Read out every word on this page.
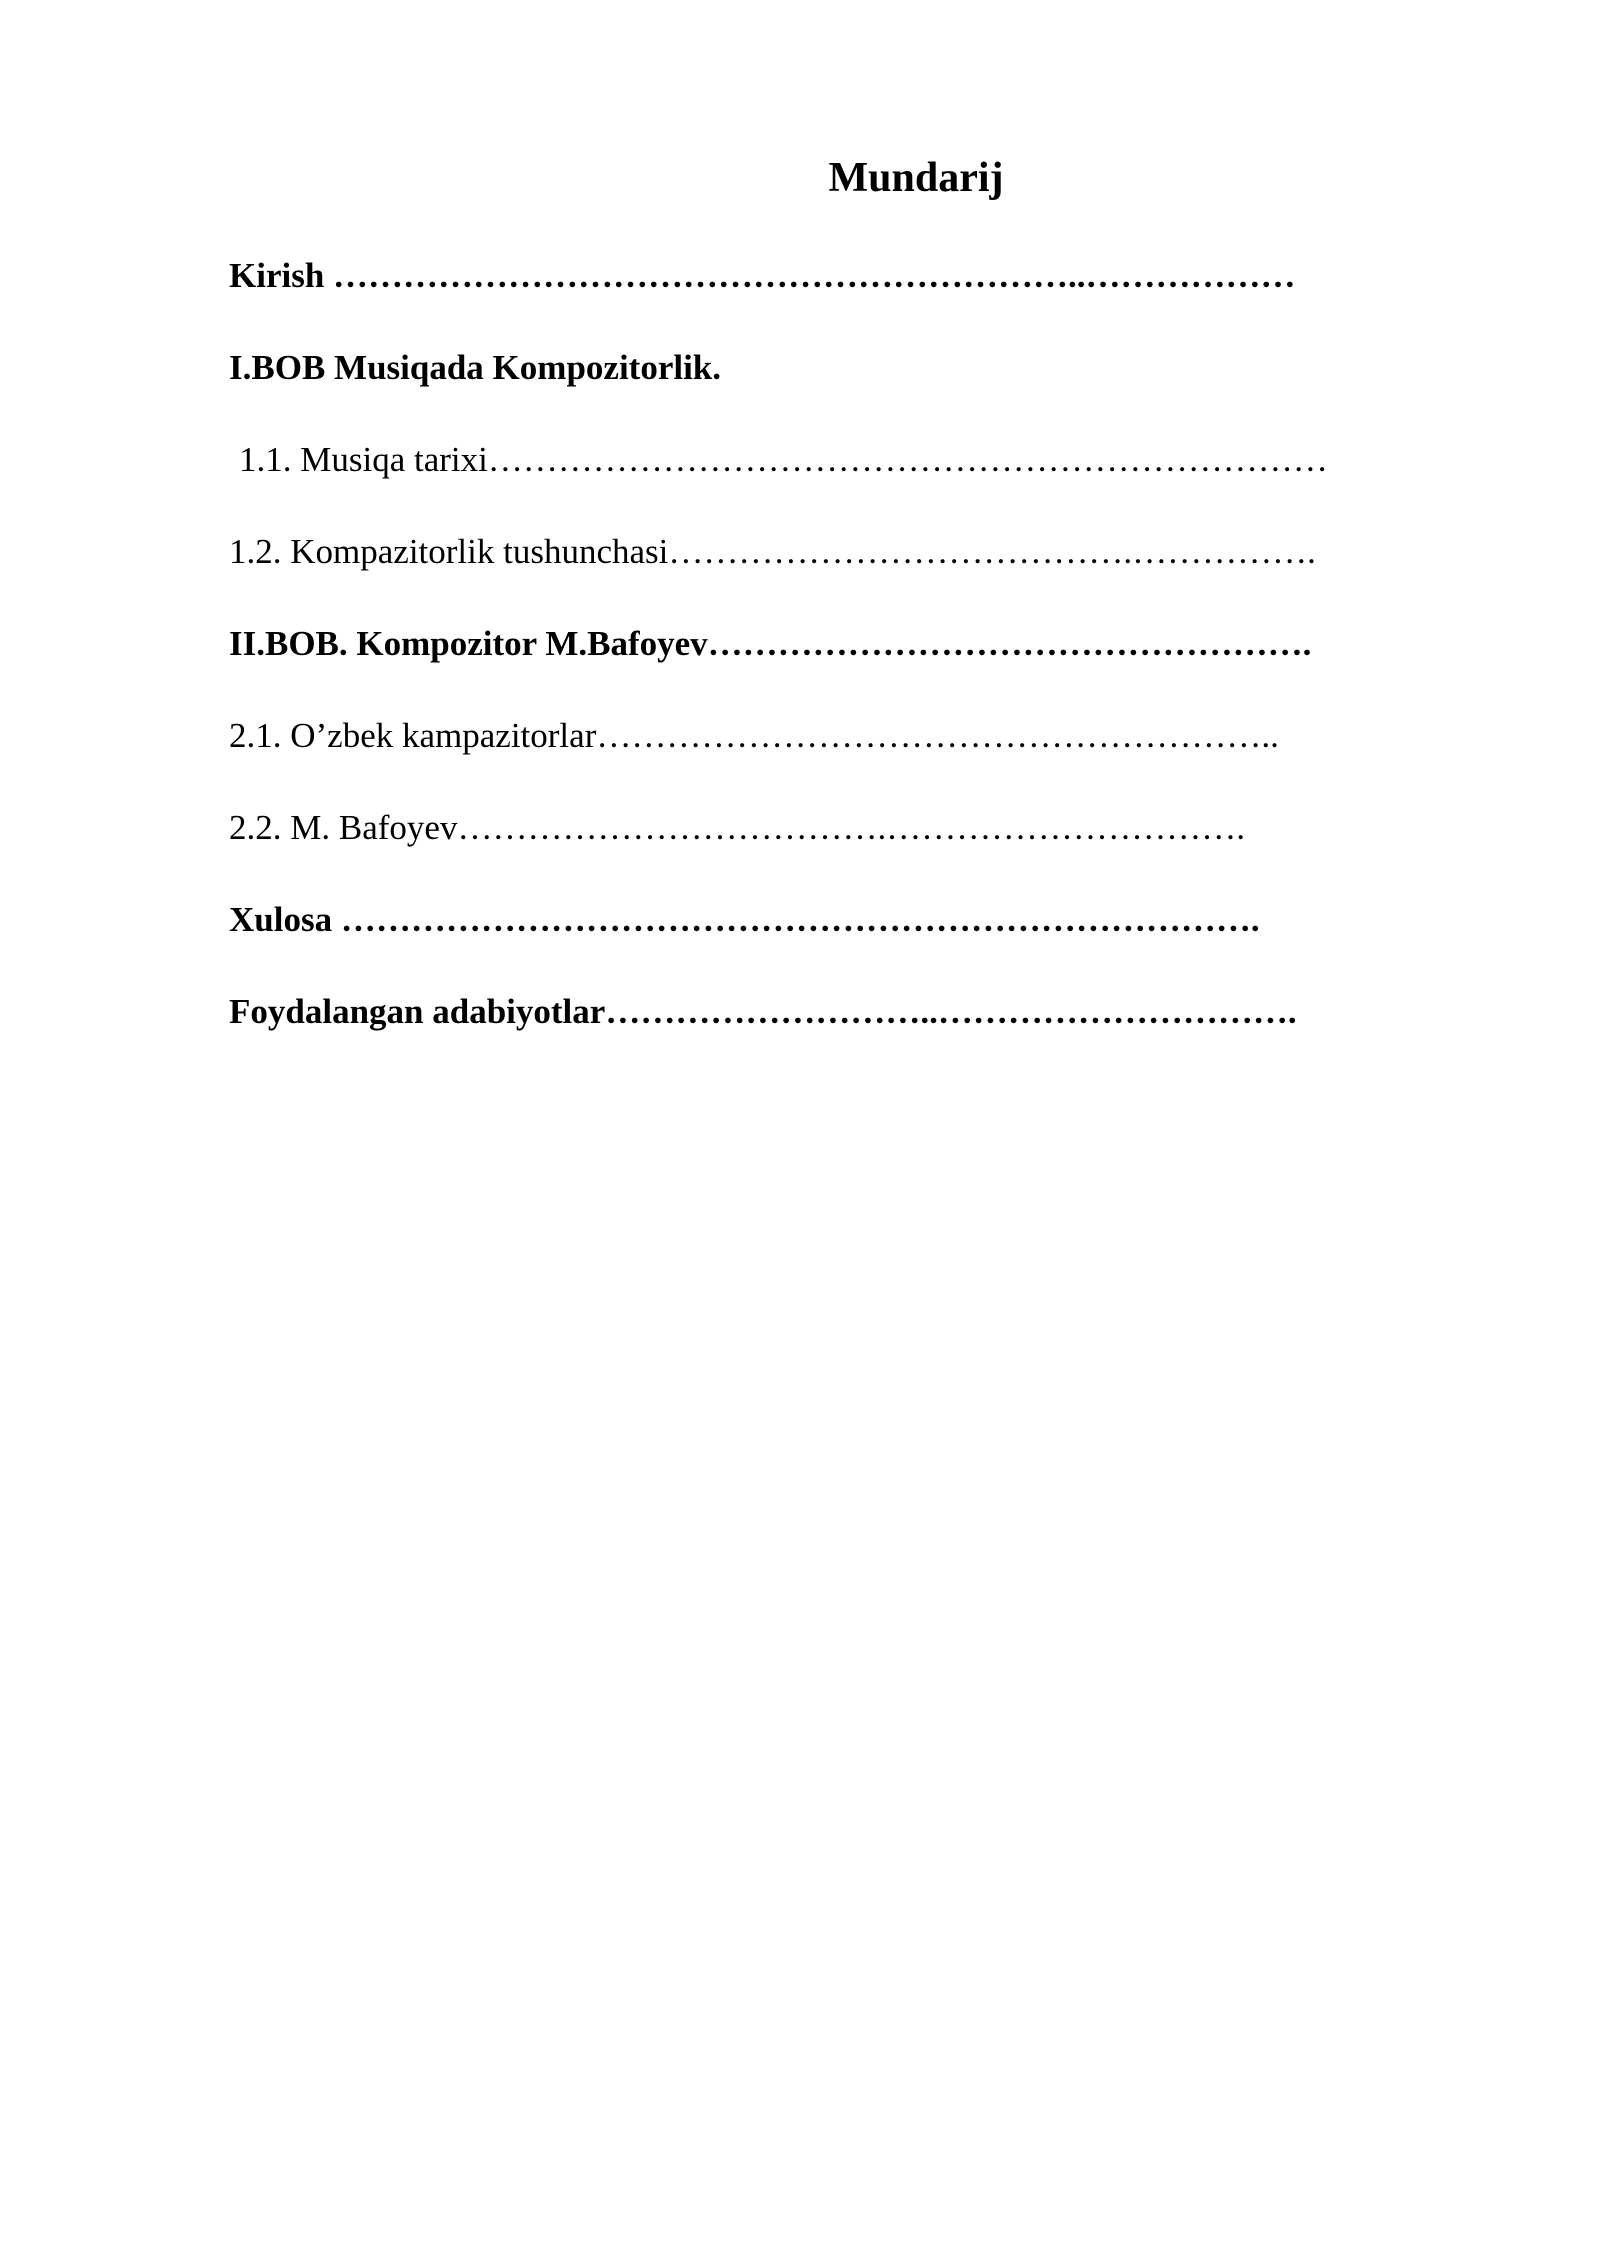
Mundarij
Kirish ………………………………………………………..………………
I.BOB Musiqada Kompozitorlik.
1.1. Musiqa tarixi………………………………………………………………
1.2. Kompazitorlik tushunchasi………………………………….…………….
II.BOB. Kompozitor M.Bafoyev…………………………………………….
2.1. O’zbek kampazitorlar…………………………………………………..
2.2. M. Bafoyev……………………………….………………………….
Xulosa …………………………………………………………………….
Foydalangan adabiyotlar………………………..………………………….
